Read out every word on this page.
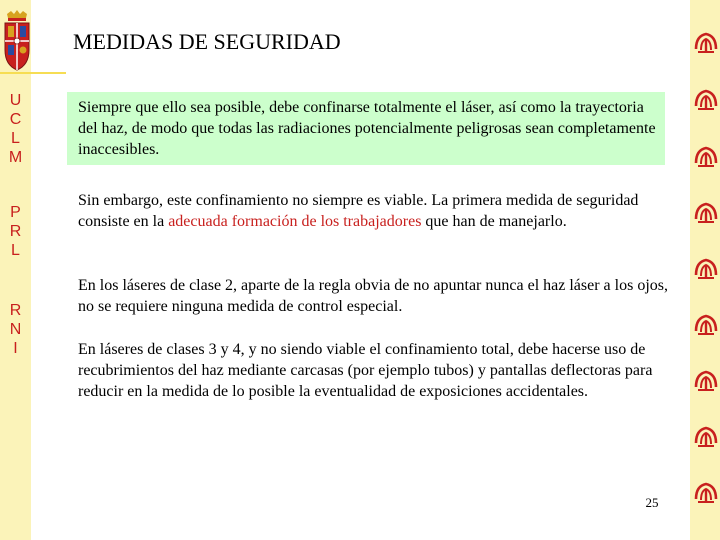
U
C
L
M
P
R
L
R
N
I
MEDIDAS DE SEGURIDAD

Siempre que ello sea posible, debe confinarse totalmente el láser, así como la trayectoria del haz, de modo que todas las radiaciones potencialmente peligrosas sean completamente inaccesibles.

Sin embargo, este confinamiento no siempre es viable. La primera medida de seguridad consiste en la adecuada formación de los trabajadores que han de manejarlo.

En los láseres de clase 2, aparte de la regla obvia de no apuntar nunca el haz láser a los ojos, no se requiere ninguna medida de control especial.

En láseres de clases 3 y 4, y no siendo viable el confinamiento total, debe hacerse uso de recubrimientos del haz mediante carcasas (por ejemplo tubos) y pantallas deflectoras para reducir en la medida de lo posible la eventualidad de exposiciones accidentales.

25
